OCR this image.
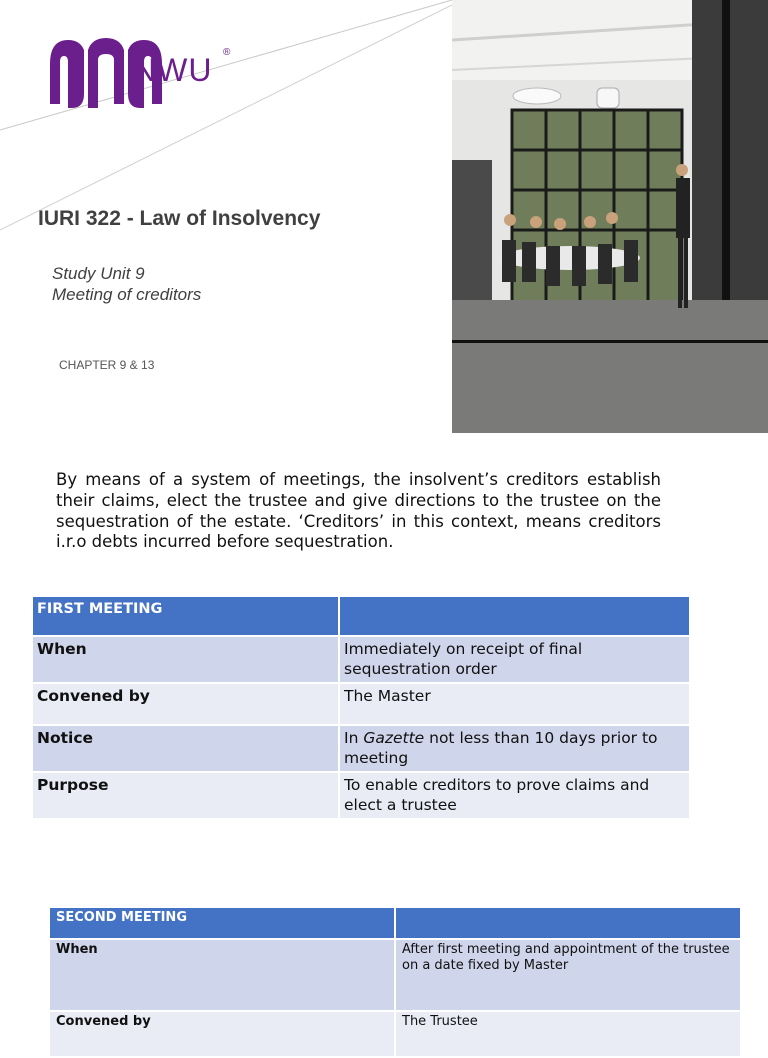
NWU ®
IURI 322 - Law of Insolvency
Study Unit 9
Meeting of creditors
CHAPTER 9 & 13
By means of a system of meetings, the insolvent’s creditors establish their claims, elect the trustee and give directions to the trustee on the sequestration of the estate. ‘Creditors’ in this context, means creditors i.r.o debts incurred before sequestration.
FIRST MEETING	
When	Immediately on receipt of final sequestration order
Convened by	The Master
Notice	In Gazette not less than 10 days prior to meeting
Purpose	To enable creditors to prove claims and elect a trustee
SECOND MEETING	
When	After first meeting and appointment of the trustee on a date fixed by Master
Convened by	The Trustee
